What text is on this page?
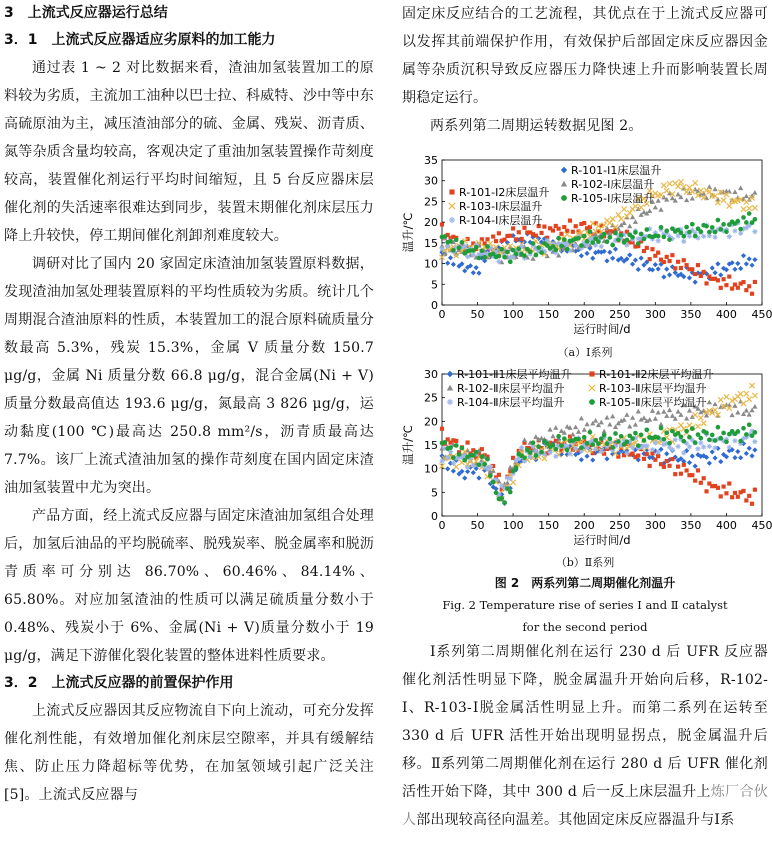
3　上流式反应器运行总结
3．1　上流式反应器适应劣原料的加工能力

通过表 1 ~ 2 对比数据来看，渣油加氢装置加工的原料较为劣质，主流加工油种以巴士拉、科威特、沙中等中东高硫原油为主，减压渣油部分的硫、金属、残炭、沥青质、氮等杂质含量均较高，客观决定了重油加氢装置操作苛刻度较高，装置催化剂运行平均时间缩短，且 5 台反应器床层催化剂的失活速率很难达到同步，装置末期催化剂床层压力降上升较快，停工期间催化剂卸剂难度较大。

调研对比了国内 20 家固定床渣油加氢装置原料数据，发现渣油加氢处理装置原料的平均性质较为劣质。统计几个周期混合渣油原料的性质，本装置加工的混合原料硫质量分数最高 5.3%，残炭 15.3%，金属 V 质量分数 150.7 μg/g，金属 Ni 质量分数 66.8 μg/g，混合金属(Ni + V)质量分数最高值达 193.6 μg/g，氮最高 3 826 μg/g，运动黏度(100 ℃)最高达 250.8 mm²/s，沥青质最高达 7.7%。该厂上流式渣油加氢的操作苛刻度在国内固定床渣油加氢装置中尤为突出。

产品方面，经上流式反应器与固定床渣油加氢组合处理后，加氢后油品的平均脱硫率、脱残炭率、脱金属率和脱沥青质率可分别达 86.70%、60.46%、84.14%、65.80%。对应加氢渣油的性质可以满足硫质量分数小于 0.48%、残炭小于 6%、金属(Ni + V)质量分数小于 19 μg/g，满足下游催化裂化装置的整体进料性质要求。

3．2　上流式反应器的前置保护作用

上流式反应器因其反应物流自下向上流动，可充分发挥催化剂性能，有效增加催化剂床层空隙率，并具有缓解结焦、防止压力降超标等优势，在加氢领域引起广泛关注[5]。上流式反应器与

固定床反应结合的工艺流程，其优点在于上流式反应器可以发挥其前端保护作用，有效保护后部固定床反应器因金属等杂质沉积导致反应器压力降快速上升而影响装置长周期稳定运行。

两系列第二周期运转数据见图 2。

0 50 100 150 200 250 300 350 400 450
0
5
10
15
20
25
30
35
运行时间/d
温升/℃
R-101-Ⅰ1床层温升
R-101-Ⅰ2床层温升
R-102-Ⅰ床层温升
R-103-Ⅰ床层温升
R-104-Ⅰ床层温升
R-105-Ⅰ床层温升
（a）Ⅰ系列
0 50 100 150 200 250 300 350 400 450
0
5
10
15
20
25
30
运行时间/d
温升/℃
R-101-Ⅱ1床层平均温升 R-101-Ⅱ2床层平均温升
R-102-Ⅱ床层平均温升	R-103-Ⅱ床层平均温升
R-104-Ⅱ床层平均温升	R-105-Ⅱ床层平均温升
（b）Ⅱ系列
图 2　两系列第二周期催化剂温升
Fig. 2 Temperature rise of series Ⅰ and Ⅱ catalyst
for the second period

Ⅰ系列第二周期催化剂在运行 230 d 后 UFR 反应器催化剂活性明显下降，脱金属温升开始向后移，R-102-Ⅰ、R-103-Ⅰ脱金属活性明显上升。而第二系列在运转至 330 d 后 UFR 活性开始出现明显拐点，脱金属温升后移。Ⅱ系列第二周期催化剂在运行 280 d 后 UFR 催化剂活性开始下降，其中 300 d 后一反上床层温升上炼厂合伙人部出现较高径向温差。其他固定床反应器温升与Ⅰ系
